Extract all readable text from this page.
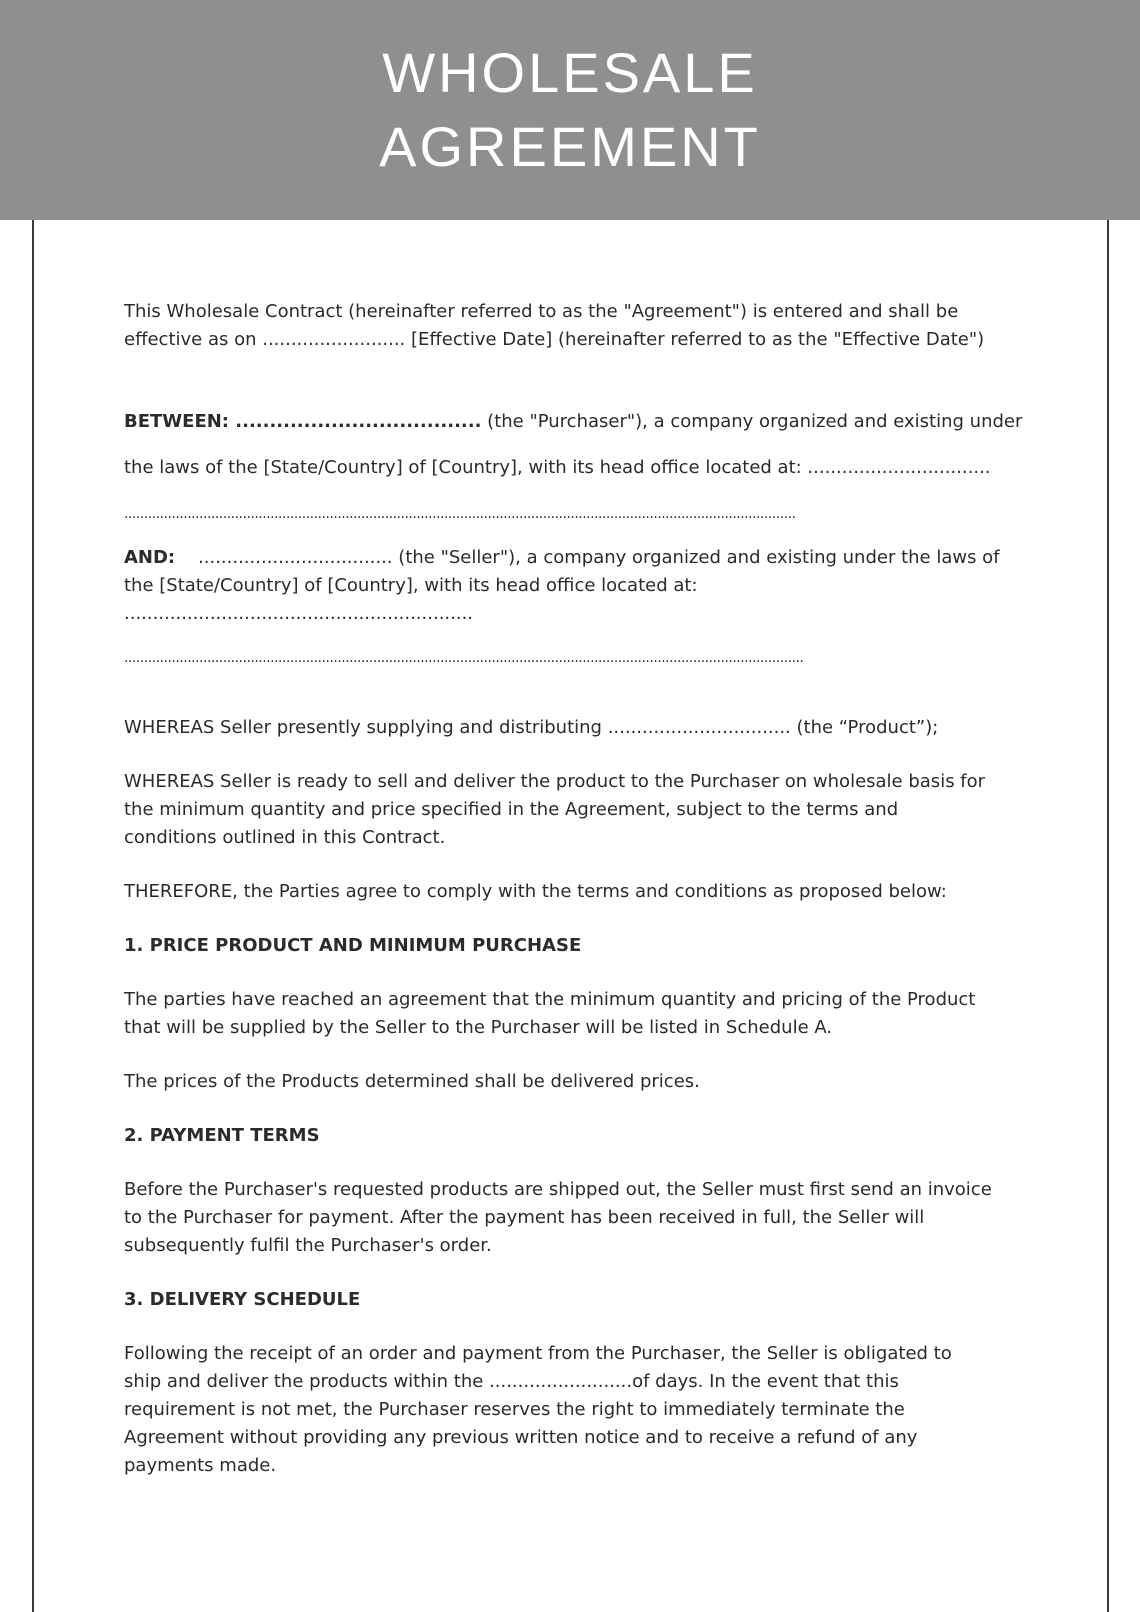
WHOLESALE
AGREEMENT

This Wholesale Contract (hereinafter referred to as the "Agreement") is entered and shall be

effective as on ......................... [Effective Date] (hereinafter referred to as the "Effective Date")

BETWEEN: .................................... (the "Purchaser"), a company organized and existing under

the laws of the [State/Country] of [Country], with its head office located at: ................................

..........................................................................................................................................................................

AND: .................................. (the "Seller"), a company organized and existing under the laws of

the [State/Country] of [Country], with its head office located at: .............................................................

............................................................................................................................................................................

WHEREAS Seller presently supplying and distributing ................................ (the “Product”);

WHEREAS Seller is ready to sell and deliver the product to the Purchaser on wholesale basis for

the minimum quantity and price specified in the Agreement, subject to the terms and

conditions outlined in this Contract.

THEREFORE, the Parties agree to comply with the terms and conditions as proposed below:

1. PRICE PRODUCT AND MINIMUM PURCHASE

The parties have reached an agreement that the minimum quantity and pricing of the Product

that will be supplied by the Seller to the Purchaser will be listed in Schedule A.

The prices of the Products determined shall be delivered prices.

2. PAYMENT TERMS

Before the Purchaser's requested products are shipped out, the Seller must first send an invoice

to the Purchaser for payment. After the payment has been received in full, the Seller will

subsequently fulfil the Purchaser's order.

3. DELIVERY SCHEDULE

Following the receipt of an order and payment from the Purchaser, the Seller is obligated to

ship and deliver the products within the .........................of days. In the event that this

requirement is not met, the Purchaser reserves the right to immediately terminate the

Agreement without providing any previous written notice and to receive a refund of any

payments made.
